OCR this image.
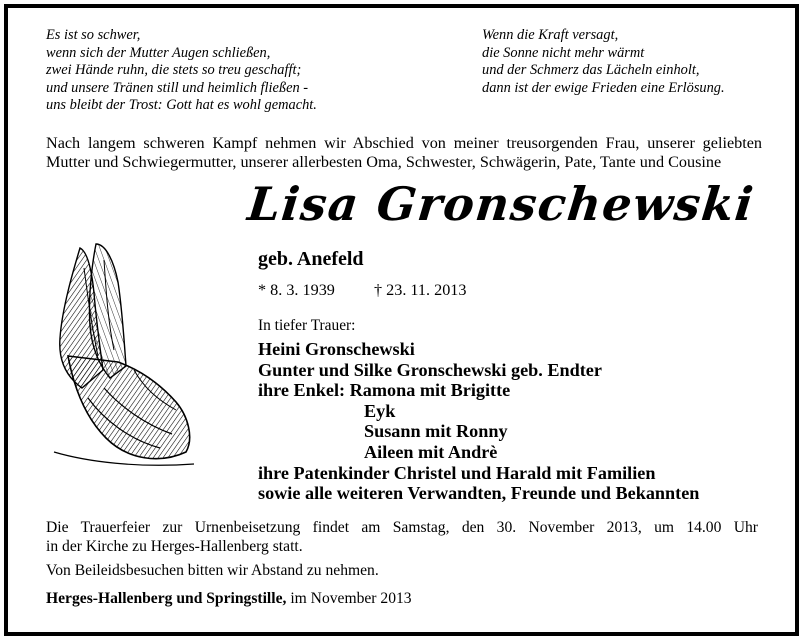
Es ist so schwer,
wenn sich der Mutter Augen schließen,
zwei Hände ruhn, die stets so treu geschafft;
und unsere Tränen still und heimlich fließen -
uns bleibt der Trost: Gott hat es wohl gemacht.
Wenn die Kraft versagt,
die Sonne nicht mehr wärmt
und der Schmerz das Lächeln einholt,
dann ist der ewige Frieden eine Erlösung.
Nach langem schweren Kampf nehmen wir Abschied von meiner treusorgenden Frau, unserer geliebten
Mutter und Schwiegermutter, unserer allerbesten Oma, Schwester, Schwägerin, Pate, Tante und Cousine
Lisa Gronschewski
geb. Anefeld
* 8. 3. 1939 † 23. 11. 2013
In tiefer Trauer:
Heini Gronschewski
Gunter und Silke Gronschewski geb. Endter
ihre Enkel: Ramona mit Brigitte
Eyk
Susann mit Ronny
Aileen mit Andrè
ihre Patenkinder Christel und Harald mit Familien
sowie alle weiteren Verwandten, Freunde und Bekannten
Die Trauerfeier zur Urnenbeisetzung findet am Samstag, den 30. November 2013, um 14.00 Uhr
in der Kirche zu Herges-Hallenberg statt.
Von Beileidsbesuchen bitten wir Abstand zu nehmen.
Herges-Hallenberg und Springstille, im November 2013
